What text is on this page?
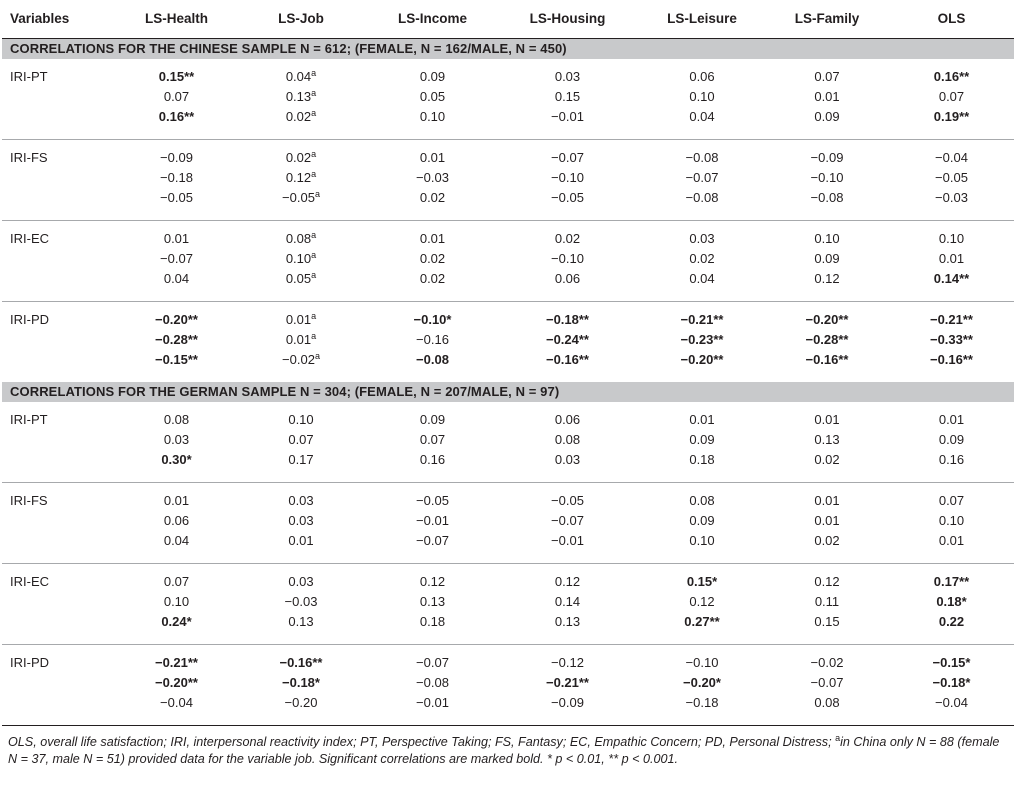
Variables	LS-Health	LS-Job	LS-Income	LS-Housing	LS-Leisure	LS-Family	OLS
CORRELATIONS FOR THE CHINESE SAMPLE N = 612; (FEMALE, N = 162/MALE, N = 450)							
IRI-PT	0.15**	0.04$^a$	0.09	0.03	0.06	0.07	0.16**
	0.07	0.13$^a$	0.05	0.15	0.10	0.01	0.07
	0.16**	0.02$^a$	0.10	−0.01	0.04	0.09	0.19**
IRI-FS	−0.09	0.02$^a$	0.01	−0.07	−0.08	−0.09	−0.04
	−0.18	0.12$^a$	−0.03	−0.10	−0.07	−0.10	−0.05
	−0.05	−0.05$^a$	0.02	−0.05	−0.08	−0.08	−0.03
IRI-EC	0.01	0.08$^a$	0.01	0.02	0.03	0.10	0.10
	−0.07	0.10$^a$	0.02	−0.10	0.02	0.09	0.01
	0.04	0.05$^a$	0.02	0.06	0.04	0.12	0.14**
IRI-PD	−0.20**	0.01$^a$	−0.10*	−0.18**	−0.21**	−0.20**	−0.21**
	−0.28**	0.01$^a$	−0.16	−0.24**	−0.23**	−0.28**	−0.33**
	−0.15**	−0.02$^a$	−0.08	−0.16**	−0.20**	−0.16**	−0.16**
CORRELATIONS FOR THE GERMAN SAMPLE N = 304; (FEMALE, N = 207/MALE, N = 97)							
IRI-PT	0.08	0.10	0.09	0.06	0.01	0.01	0.01
	0.03	0.07	0.07	0.08	0.09	0.13	0.09
	0.30*	0.17	0.16	0.03	0.18	0.02	0.16
IRI-FS	0.01	0.03	−0.05	−0.05	0.08	0.01	0.07
	0.06	0.03	−0.01	−0.07	0.09	0.01	0.10
	0.04	0.01	−0.07	−0.01	0.10	0.02	0.01
IRI-EC	0.07	0.03	0.12	0.12	0.15*	0.12	0.17**
	0.10	−0.03	0.13	0.14	0.12	0.11	0.18*
	0.24*	0.13	0.18	0.13	0.27**	0.15	0.22
IRI-PD	−0.21**	−0.16**	−0.07	−0.12	−0.10	−0.02	−0.15*
	−0.20**	−0.18*	−0.08	−0.21**	−0.20*	−0.07	−0.18*
	−0.04	−0.20	−0.01	−0.09	−0.18	0.08	−0.04
OLS, overall life satisfaction; IRI, interpersonal reactivity index; PT, Perspective Taking; FS, Fantasy; EC, Empathic Concern; PD, Personal Distress; $^a$in China only N = 88 (female N = 37, male N = 51) provided data for the variable job. Significant correlations are marked bold. * p < 0.01, ** p < 0.001.
